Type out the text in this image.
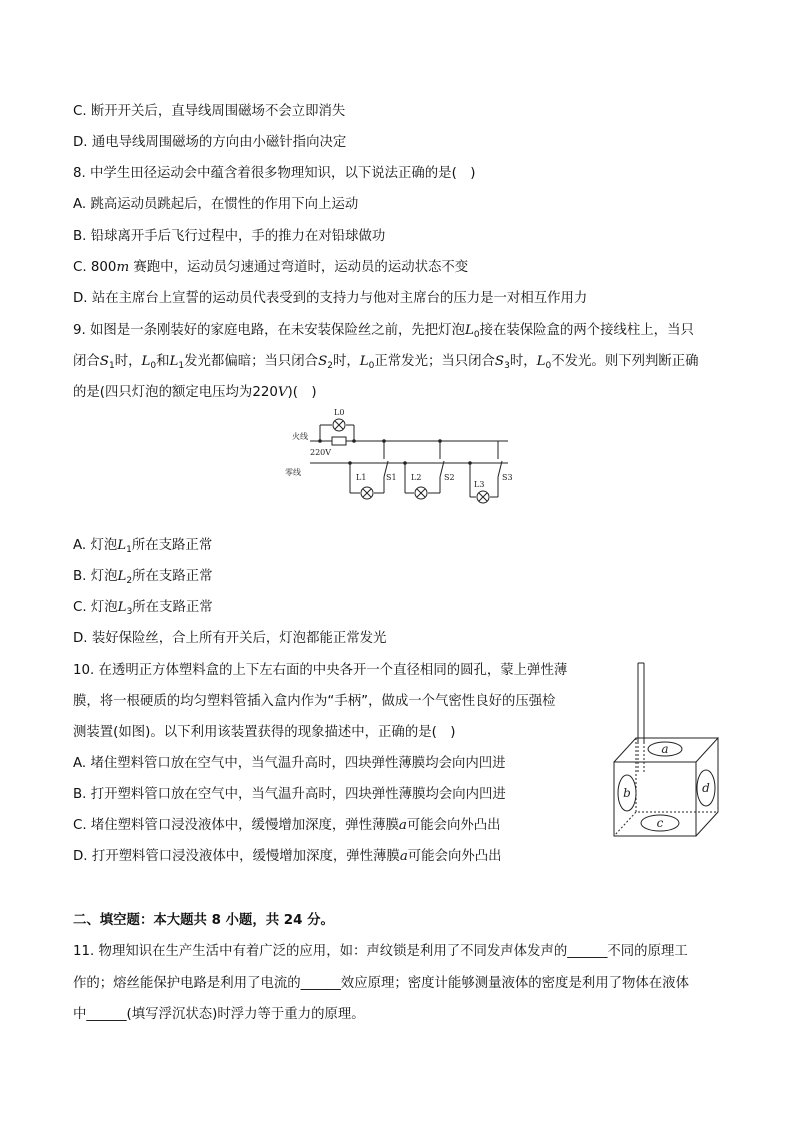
C. 断开开关后，直导线周围磁场不会立即消失
D. 通电导线周围磁场的方向由小磁针指向决定
8. 中学生田径运动会中蕴含着很多物理知识，以下说法正确的是(　)
A. 跳高运动员跳起后，在惯性的作用下向上运动
B. 铅球离开手后飞行过程中，手的推力在对铅球做功
C. 800m 赛跑中，运动员匀速通过弯道时，运动员的运动状态不变
D. 站在主席台上宣誓的运动员代表受到的支持力与他对主席台的压力是一对相互作用力
9. 如图是一条刚装好的家庭电路，在未安装保险丝之前，先把灯泡$L_0$接在装保险盒的两个接线柱上，当只
闭合$S_1$时，$L_0$和$L_1$发光都偏暗；当只闭合$S_2$时，$L_0$正常发光；当只闭合$S_3$时，$L_0$不发光。则下列判断正确
的是(四只灯泡的额定电压均为220V)(　)
火线
零线
220V
L0
L1 S1 L2	S2
L3
S3
A. 灯泡$L_1$所在支路正常
B. 灯泡$L_2$所在支路正常
C. 灯泡$L_3$所在支路正常
D. 装好保险丝，合上所有开关后，灯泡都能正常发光
10. 在透明正方体塑料盒的上下左右面的中央各开一个直径相同的圆孔，蒙上弹性薄
膜，将一根硬质的均匀塑料管插入盒内作为“手柄”，做成一个气密性良好的压强检
测装置(如图)。以下利用该装置获得的现象描述中，正确的是(　)
A. 堵住塑料管口放在空气中，当气温升高时，四块弹性薄膜均会向内凹进
B. 打开塑料管口放在空气中，当气温升高时，四块弹性薄膜均会向内凹进
C. 堵住塑料管口浸没液体中，缓慢增加深度，弹性薄膜a可能会向外凸出
D. 打开塑料管口浸没液体中，缓慢增加深度，弹性薄膜a可能会向外凸出
a
b	d
c
二、填空题：本大题共 8 小题，共 24 分。
11. 物理知识在生产生活中有着广泛的应用，如：声纹锁是利用了不同发声体发声的______不同的原理工
作的；熔丝能保护电路是利用了电流的______效应原理；密度计能够测量液体的密度是利用了物体在液体
中______(填写浮沉状态)时浮力等于重力的原理。
